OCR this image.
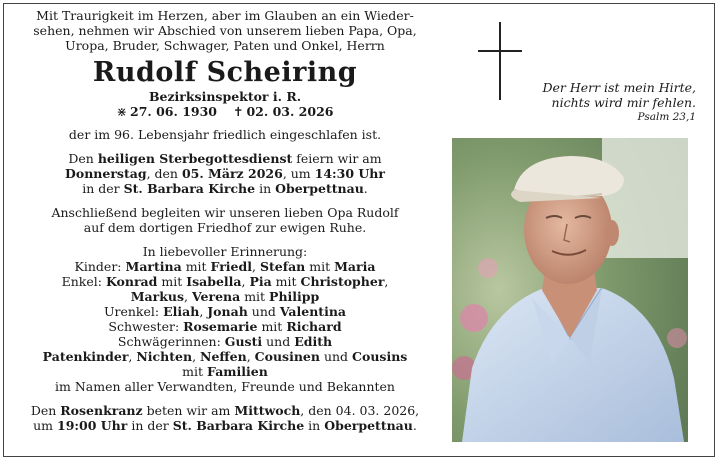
Mit Traurigkeit im Herzen, aber im Glauben an ein Wieder-
sehen, nehmen wir Abschied von unserem lieben Papa, Opa,
Uropa, Bruder, Schwager, Paten und Onkel, Herrn

Rudolf Scheiring

Bezirksinspektor i. R.

⋇ 27. 06. 1930 ✝ 02. 03. 2026

der im 96. Lebensjahr friedlich eingeschlafen ist.

Den heiligen Sterbegottesdienst feiern wir am
Donnerstag, den 05. März 2026, um 14:30 Uhr
in der St. Barbara Kirche in Oberpettnau.

Anschließend begleiten wir unseren lieben Opa Rudolf
auf dem dortigen Friedhof zur ewigen Ruhe.

In liebevoller Erinnerung:
Kinder: Martina mit Friedl, Stefan mit Maria
Enkel: Konrad mit Isabella, Pia mit Christopher,
Markus, Verena mit Philipp
Urenkel: Eliah, Jonah und Valentina
Schwester: Rosemarie mit Richard
Schwägerinnen: Gusti und Edith
Patenkinder, Nichten, Neffen, Cousinen und Cousins
mit Familien
im Namen aller Verwandten, Freunde und Bekannten

Den Rosenkranz beten wir am Mittwoch, den 04. 03. 2026,
um 19:00 Uhr in der St. Barbara Kirche in Oberpettnau.

Der Herr ist mein Hirte,

nichts wird mir fehlen.

Psalm 23,1
